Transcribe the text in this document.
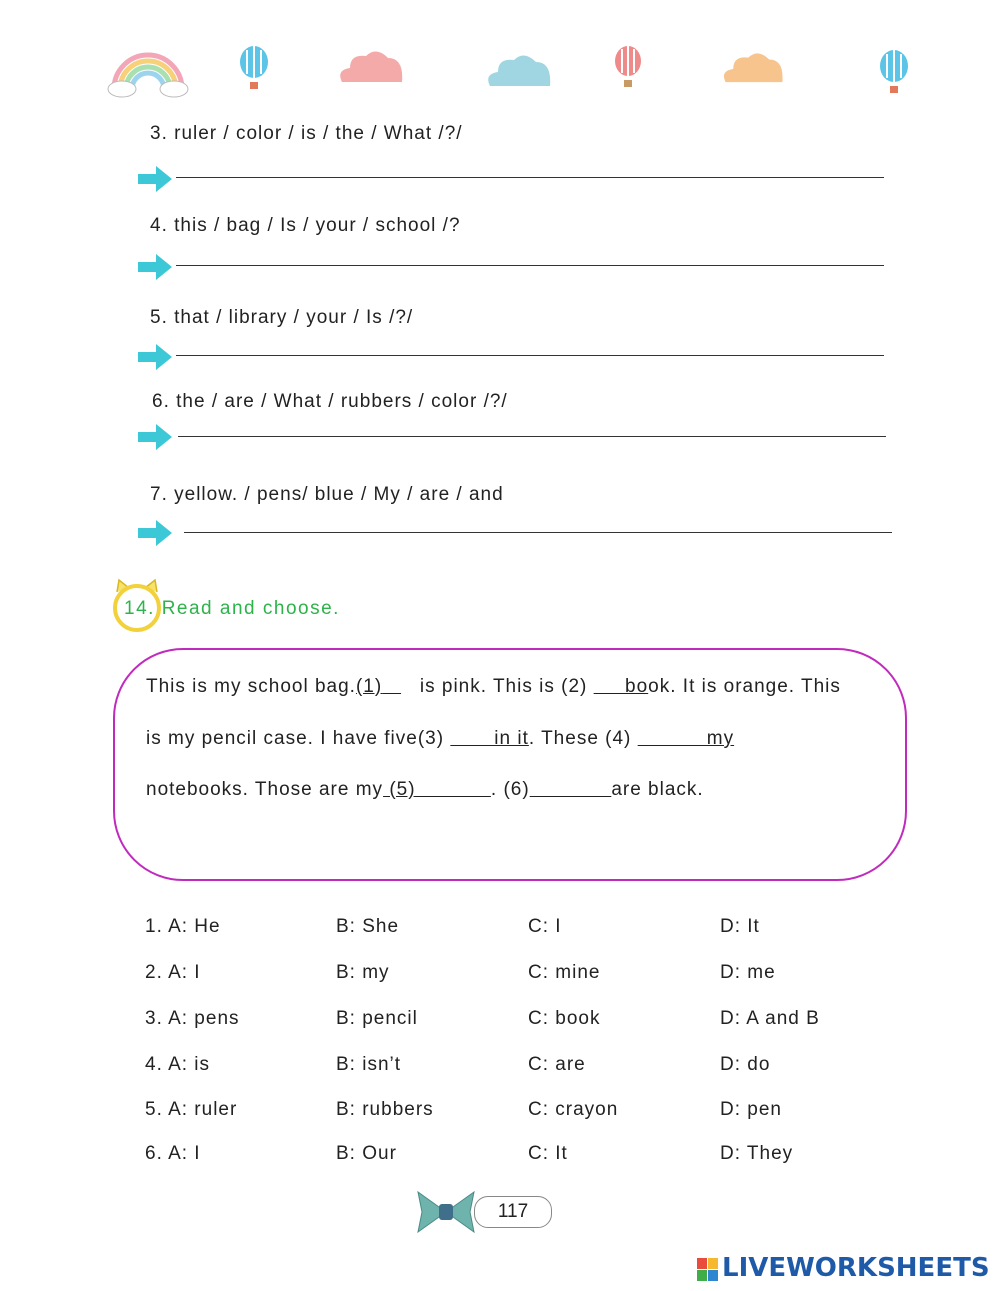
3. ruler / color / is / the / What /?/
4. this / bag / Is / your / school /?
5. that / library / your / Is /?/
6. the / are / What / rubbers / color /?/
7. yellow. / pens/ blue / My / are / and
14. Read and choose.
This is my school bag.(1)      is pink. This is (2)      book. It is orange. This
is my pencil case. I have five(3)        in it. These (4)            my
notebooks. Those are my (5)            . (6)	are black.
1. A: He	B: She	C: I	D: It
2. A: I	B: my	C: mine	D: me
3. A: pens	B: pencil	C: book	D: A and B
4. A: is	B: isn’t	C: are	D: do
5. A: ruler	B: rubbers	C: crayon	D: pen
6. A: I	B: Our	C: It	D: They
117
LIVEWORKSHEETS
